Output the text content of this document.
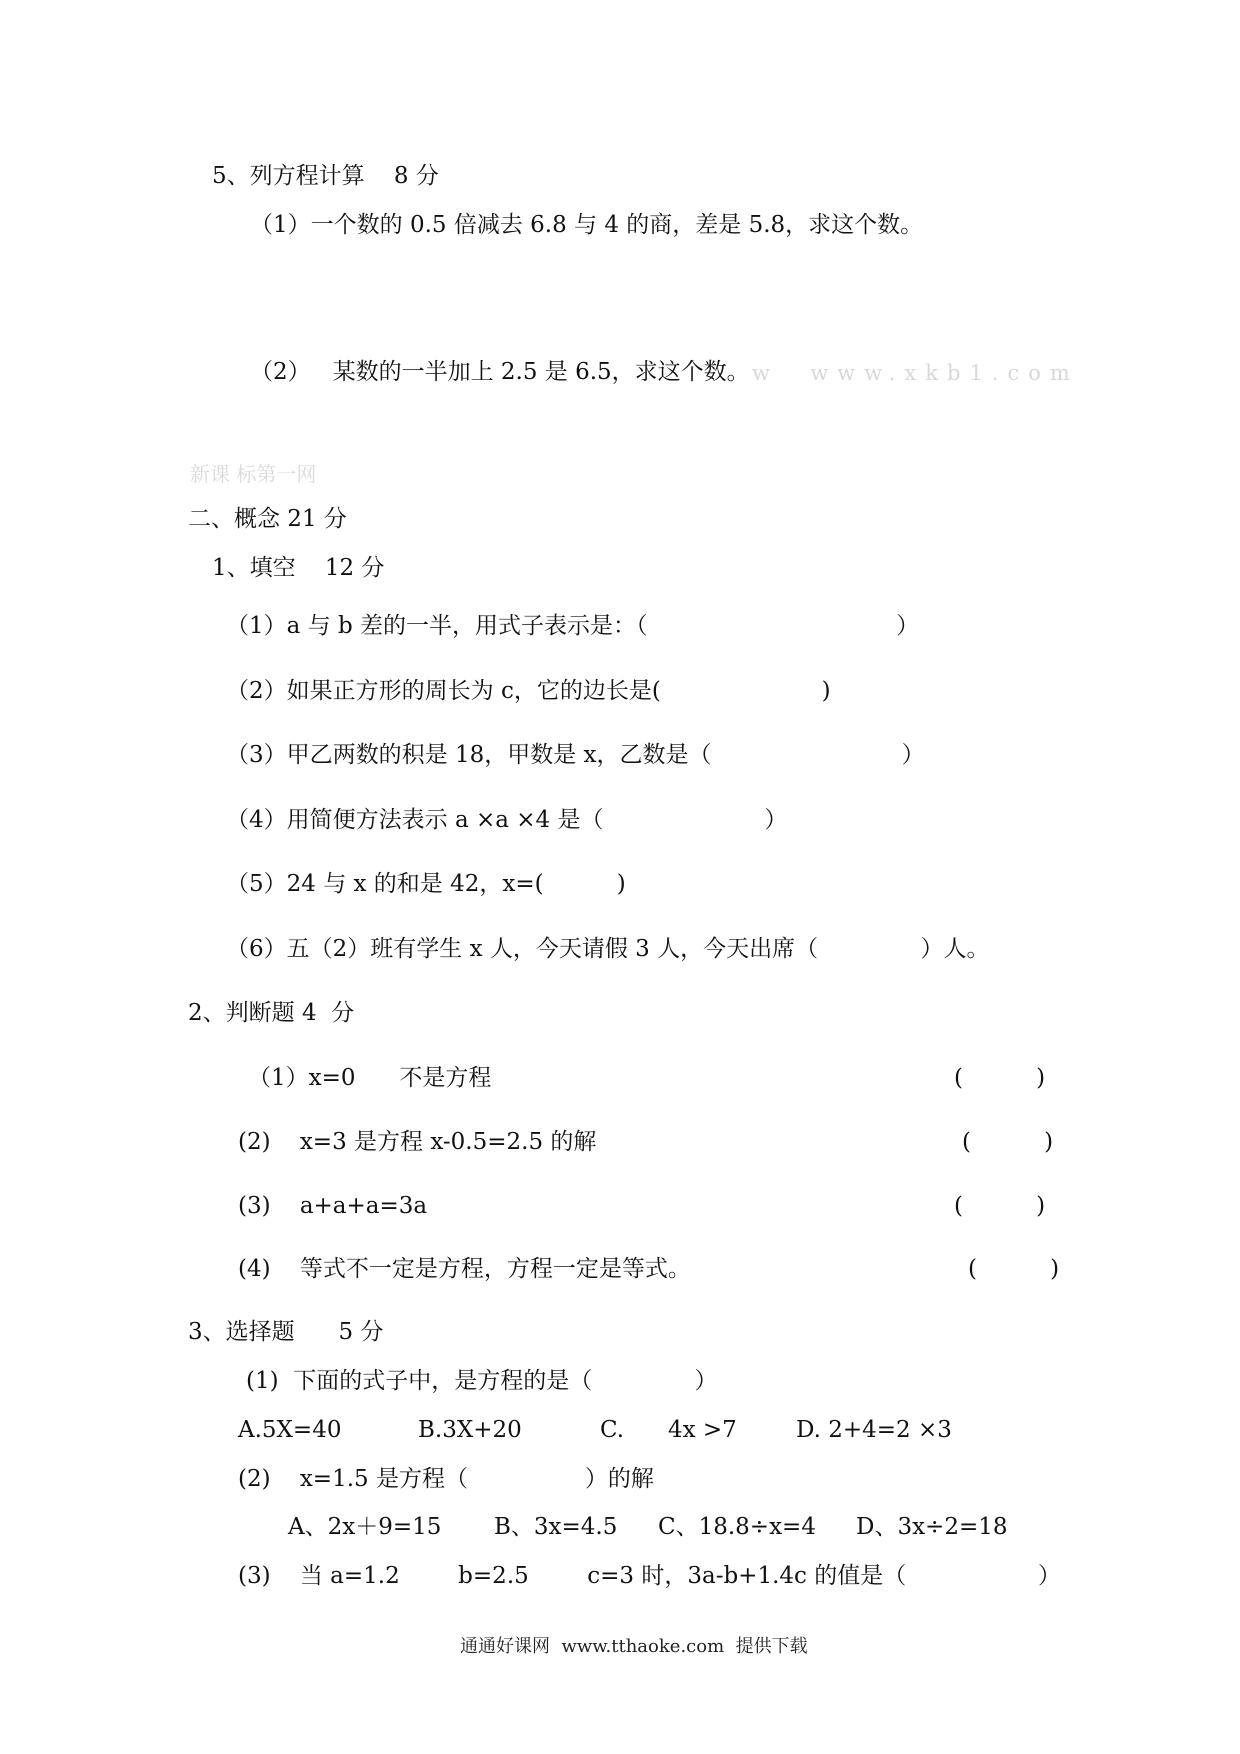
5、列方程计算    8 分
（1）一个数的 0.5 倍减去 6.8 与 4 的商，差是 5.8，求这个数。
（2）   某数的一半加上 2.5 是 6.5，求这个数。 w  www.xkb1.com
新课 标第一网
二、概念 21 分
1、填空    12 分
（1）a 与 b 差的一半，用式子表示是：（                                  ）
（2）如果正方形的周长为 c，它的边长是(                      )
（3）甲乙两数的积是 18，甲数是 x，乙数是（                          ）
（4）用简便方法表示 a ×a ×4 是（                      ）
（5）24 与 x 的和是 42，x=(          )
（6）五（2）班有学生 x 人，今天请假 3 人，今天出席（              ）人。
2、判断题 4  分
（1）x=0      不是方程	(          )
(2)    x=3 是方程 x-0.5=2.5 的解	(          )
(3)    a+a+a=3a	(          )
(4)    等式不一定是方程，方程一定是等式。	(          )
3、选择题      5 分
(1)  下面的式子中，是方程的是（              ）
A.5X=40	B.3X+20	C.      4x >7	D. 2+4=2 ×3
(2)    x=1.5 是方程（                ）的解
A、2x＋9=15 B、3x=4.5 C、18.8÷x=4 D、3x÷2=18
(3)    当 a=1.2        b=2.5        c=3 时，3a-b+1.4c 的值是（                  ）
通通好课网  www.tthaoke.com  提供下载
